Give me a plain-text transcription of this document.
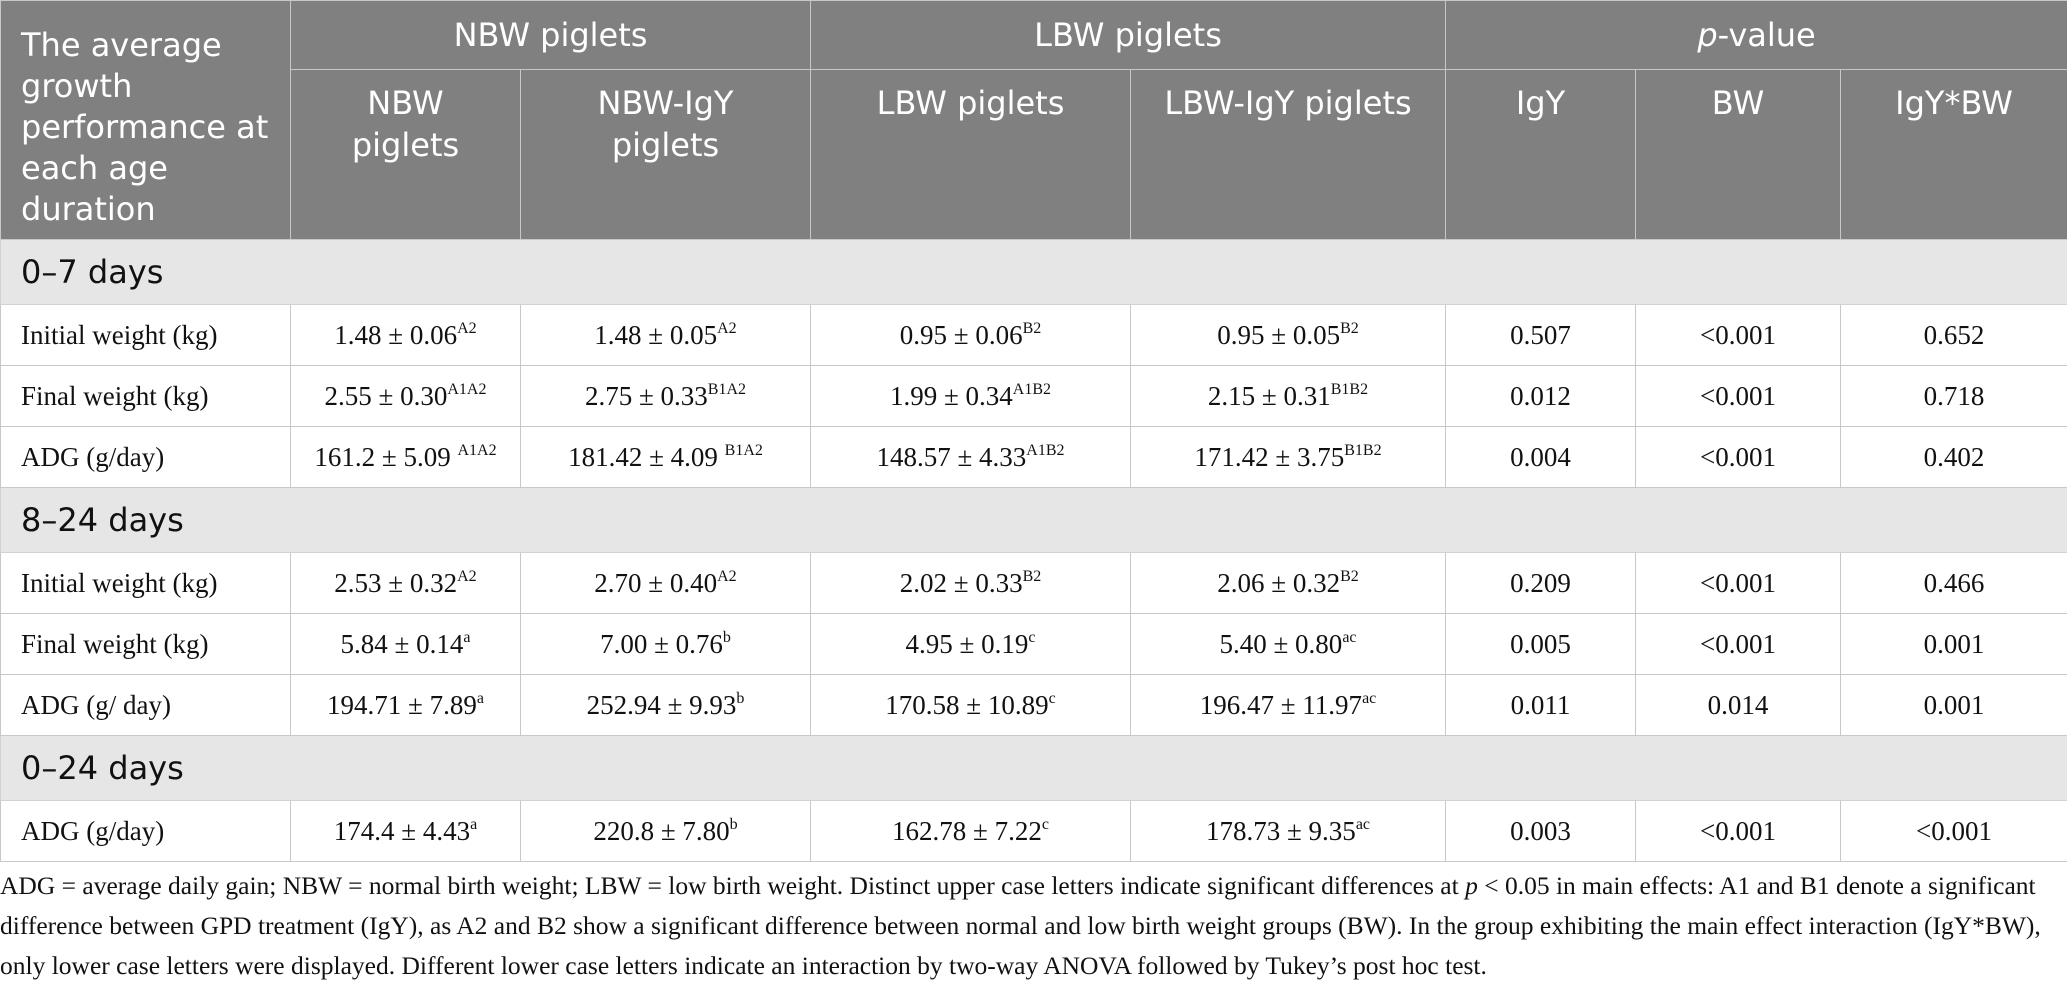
The average growth performance at each age duration	NBW piglets		LBW piglets		p-value		
	NBW piglets	NBW-IgY piglets	LBW piglets	LBW-IgY piglets	IgY	BW	IgY*BW
0–7 days							
Initial weight (kg)	$1.48 \pm 0.06^{A2}$	$1.48 \pm 0.05^{A2}$	$0.95 \pm 0.06^{B2}$	$0.95 \pm 0.05^{B2}$	0.507	<0.001	0.652
Final weight (kg)	$2.55 \pm 0.30^{A1A2}$	$2.75 \pm 0.33^{B1A2}$	$1.99 \pm 0.34^{A1B2}$	$2.15 \pm 0.31^{B1B2}$	0.012	<0.001	0.718
ADG (g/day)	161.2 ± 5.09 $^{A1A2}$	181.42 ± 4.09 $^{B1A2}$	$148.57 \pm 4.33^{A1B2}$	$171.42 \pm 3.75^{B1B2}$	0.004	<0.001	0.402
8–24 days							
Initial weight (kg)	$2.53 \pm 0.32^{A2}$	$2.70 \pm 0.40^{A2}$	$2.02 \pm 0.33^{B2}$	$2.06 \pm 0.32^{B2}$	0.209	<0.001	0.466
Final weight (kg)	5.84 ± 0.14$^a$	7.00 ± 0.76$^b$	4.95 ± 0.19$^c$	5.40 ± 0.80$^{ac}$	0.005	<0.001	0.001
ADG (g/ day)	194.71 ± 7.89$^a$	252.94 ± 9.93$^b$	170.58 ± 10.89$^c$	196.47 ± 11.97$^{ac}$	0.011	0.014	0.001
0–24 days							
ADG (g/day)	174.4 ± 4.43$^a$	220.8 ± 7.80$^b$	162.78 ± 7.22$^c$	178.73 ± 9.35$^{ac}$	0.003	<0.001	<0.001

ADG = average daily gain; NBW = normal birth weight; LBW = low birth weight. Distinct upper case letters indicate significant differences at p < 0.05 in main effects: A1 and B1 denote a significant difference between GPD treatment (IgY), as A2 and B2 show a significant difference between normal and low birth weight groups (BW). In the group exhibiting the main effect interaction (IgY*BW), only lower case letters were displayed. Different lower case letters indicate an interaction by two-way ANOVA followed by Tukey’s post hoc test.
